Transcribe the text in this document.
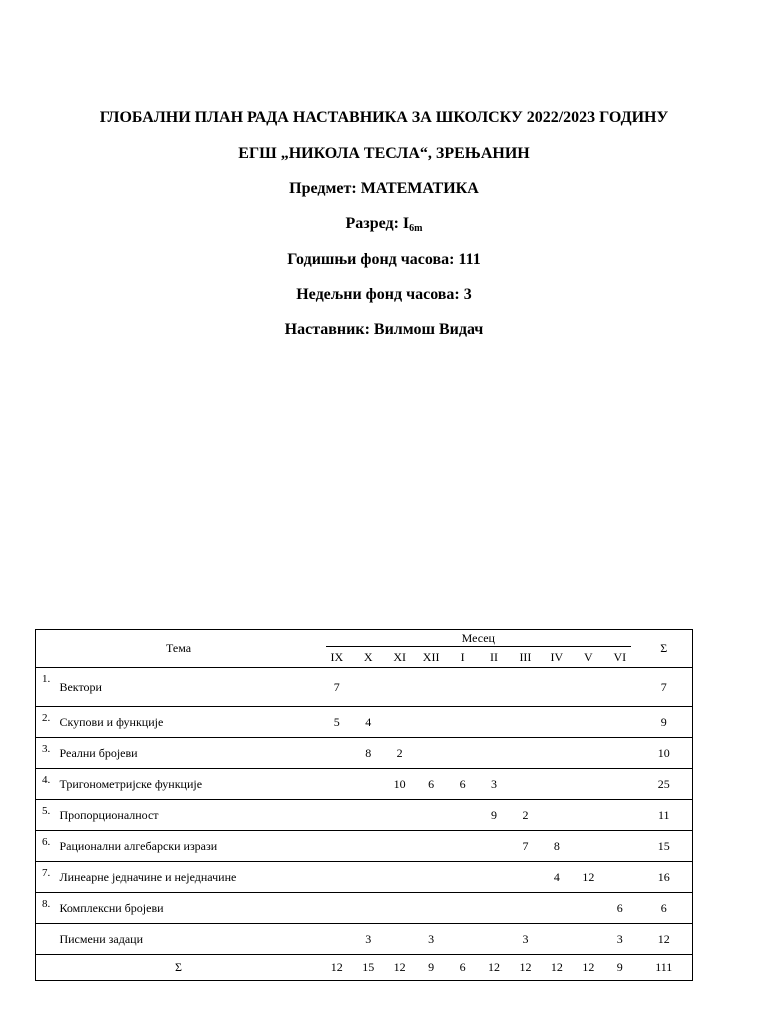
ГЛОБАЛНИ ПЛАН РАДА НАСТАВНИКА ЗА ШКОЛСКУ 2022/2023 ГОДИНУ
ЕГШ „НИКОЛА ТЕСЛА“, ЗРЕЊАНИН
Предмет: МАТЕМАТИКА
Разред: I6m
Годишњи фонд часова: 111
Недељни фонд часова: 3
Наставник: Вилмош Видач
Тема		Месец										Σ
		IX	X	XI	XII	I	II	III	IV	V	VI	
1.	Вектори	7										7
2.	Скупови и функције	5	4									9
3.	Реални бројеви		8	2								10
4.	Тригонометријске функције			10	6	6	3					25
5.	Пропорционалност						9	2				11
6.	Рационални алгебарски изрази							7	8			15
7.	Линеарне једначине и неједначине								4	12		16
8.	Комплексни бројеви										6	6
	Писмени задаци		3		3			3			3	12
Σ		12	15	12	9	6	12	12	12	12	9	111
